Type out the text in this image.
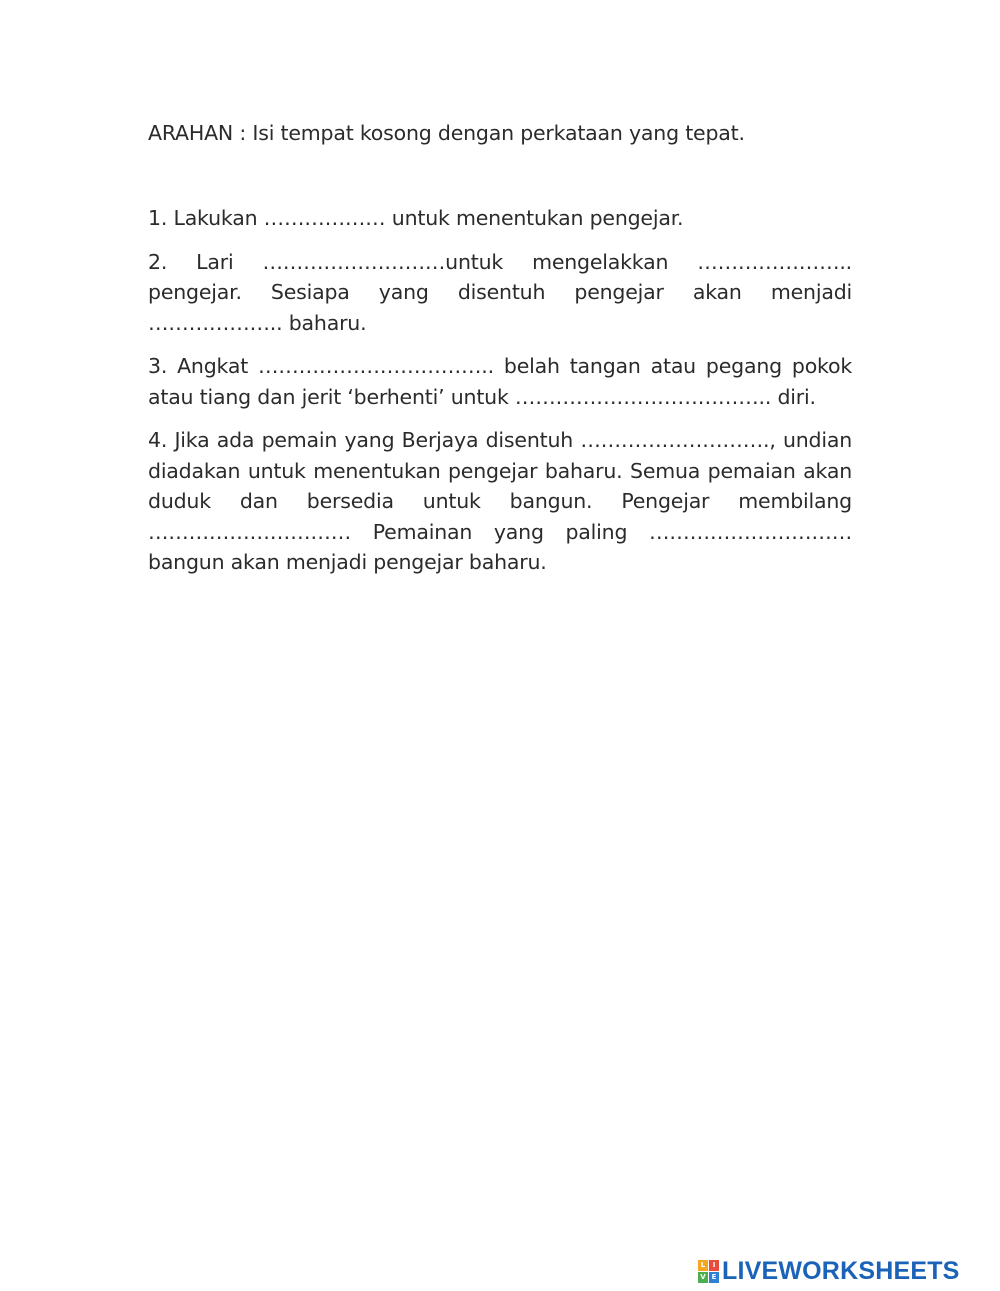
ARAHAN : Isi tempat kosong dengan perkataan yang tepat.

1. Lakukan ……………… untuk menentukan pengejar.

2. Lari ………………………untuk mengelakkan ………………….. pengejar. Sesiapa yang disentuh pengejar akan menjadi ……………….. baharu.

3. Angkat …………………………….. belah tangan atau pegang pokok atau tiang dan jerit ‘berhenti’ untuk ……………………………….. diri.

4. Jika ada pemain yang Berjaya disentuh ………………………., undian diadakan untuk menentukan pengejar baharu. Semua pemaian akan duduk dan bersedia untuk bangun. Pengejar membilang ………………………… Pemainan yang paling ………………………… bangun akan menjadi pengejar baharu.

L	I
V E LIVEWORKSHEETS
